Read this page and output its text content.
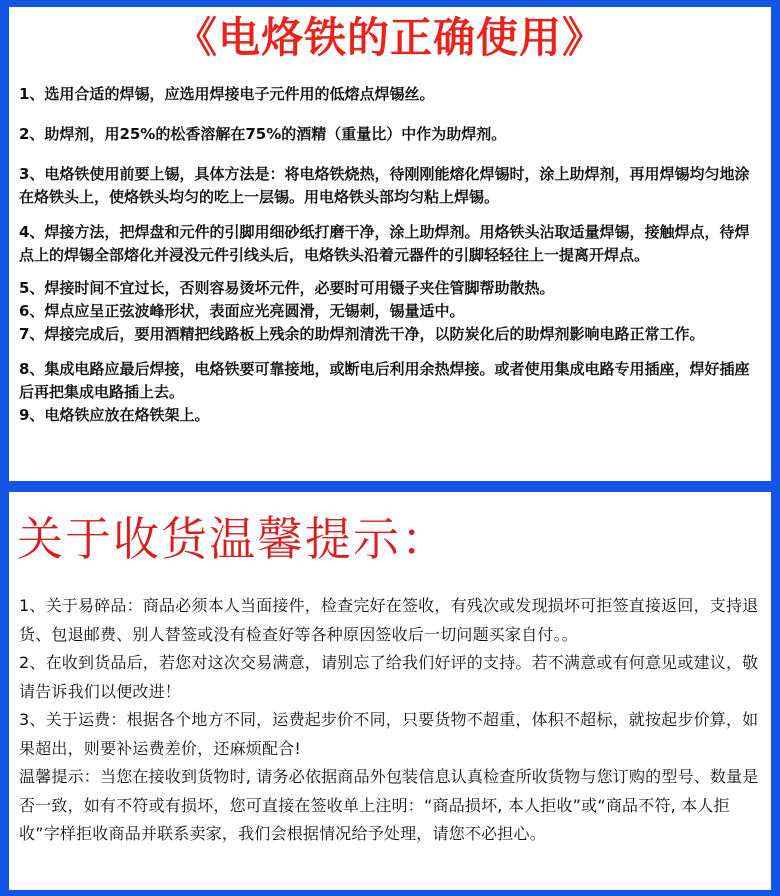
《电烙铁的正确使用》
1、选用合适的焊锡，应选用焊接电子元件用的低熔点焊锡丝。
2、助焊剂，用25%的松香溶解在75%的酒精（重量比）中作为助焊剂。
3、电烙铁使用前要上锡，具体方法是：将电烙铁烧热，待刚刚能熔化焊锡时，涂上助焊剂，再用焊锡均匀地涂在烙铁头上，使烙铁头均匀的吃上一层锡。用电烙铁头部均匀粘上焊锡。
4、焊接方法，把焊盘和元件的引脚用细砂纸打磨干净，涂上助焊剂。用烙铁头沾取适量焊锡，接触焊点，待焊点上的焊锡全部熔化并浸没元件引线头后，电烙铁头沿着元器件的引脚轻轻往上一提离开焊点。
5、焊接时间不宜过长，否则容易烫坏元件，必要时可用镊子夹住管脚帮助散热。
6、焊点应呈正弦波峰形状，表面应光亮圆滑，无锡刺，锡量适中。
7、焊接完成后，要用酒精把线路板上残余的助焊剂清洗干净，以防炭化后的助焊剂影响电路正常工作。
8、集成电路应最后焊接，电烙铁要可靠接地，或断电后利用余热焊接。或者使用集成电路专用插座，焊好插座后再把集成电路插上去。
9、电烙铁应放在烙铁架上。
关于收货温馨提示：
1、关于易碎品：商品必须本人当面接件，检查完好在签收，有残次或发现损坏可拒签直接返回，支持退货、包退邮费、别人替签或没有检查好等各种原因签收后一切问题买家自付。。
2、在收到货品后，若您对这次交易满意，请别忘了给我们好评的支持。若不满意或有何意见或建议，敬请告诉我们以便改进！
3、关于运费：根据各个地方不同，运费起步价不同，只要货物不超重，体积不超标，就按起步价算，如果超出，则要补运费差价，还麻烦配合!
温馨提示：当您在接收到货物时, 请务必依据商品外包装信息认真检查所收货物与您订购的型号、数量是否一致，如有不符或有损坏，您可直接在签收单上注明：“商品损坏, 本人拒收”或“商品不符, 本人拒收”字样拒收商品并联系卖家，我们会根据情况给予处理，请您不必担心。
